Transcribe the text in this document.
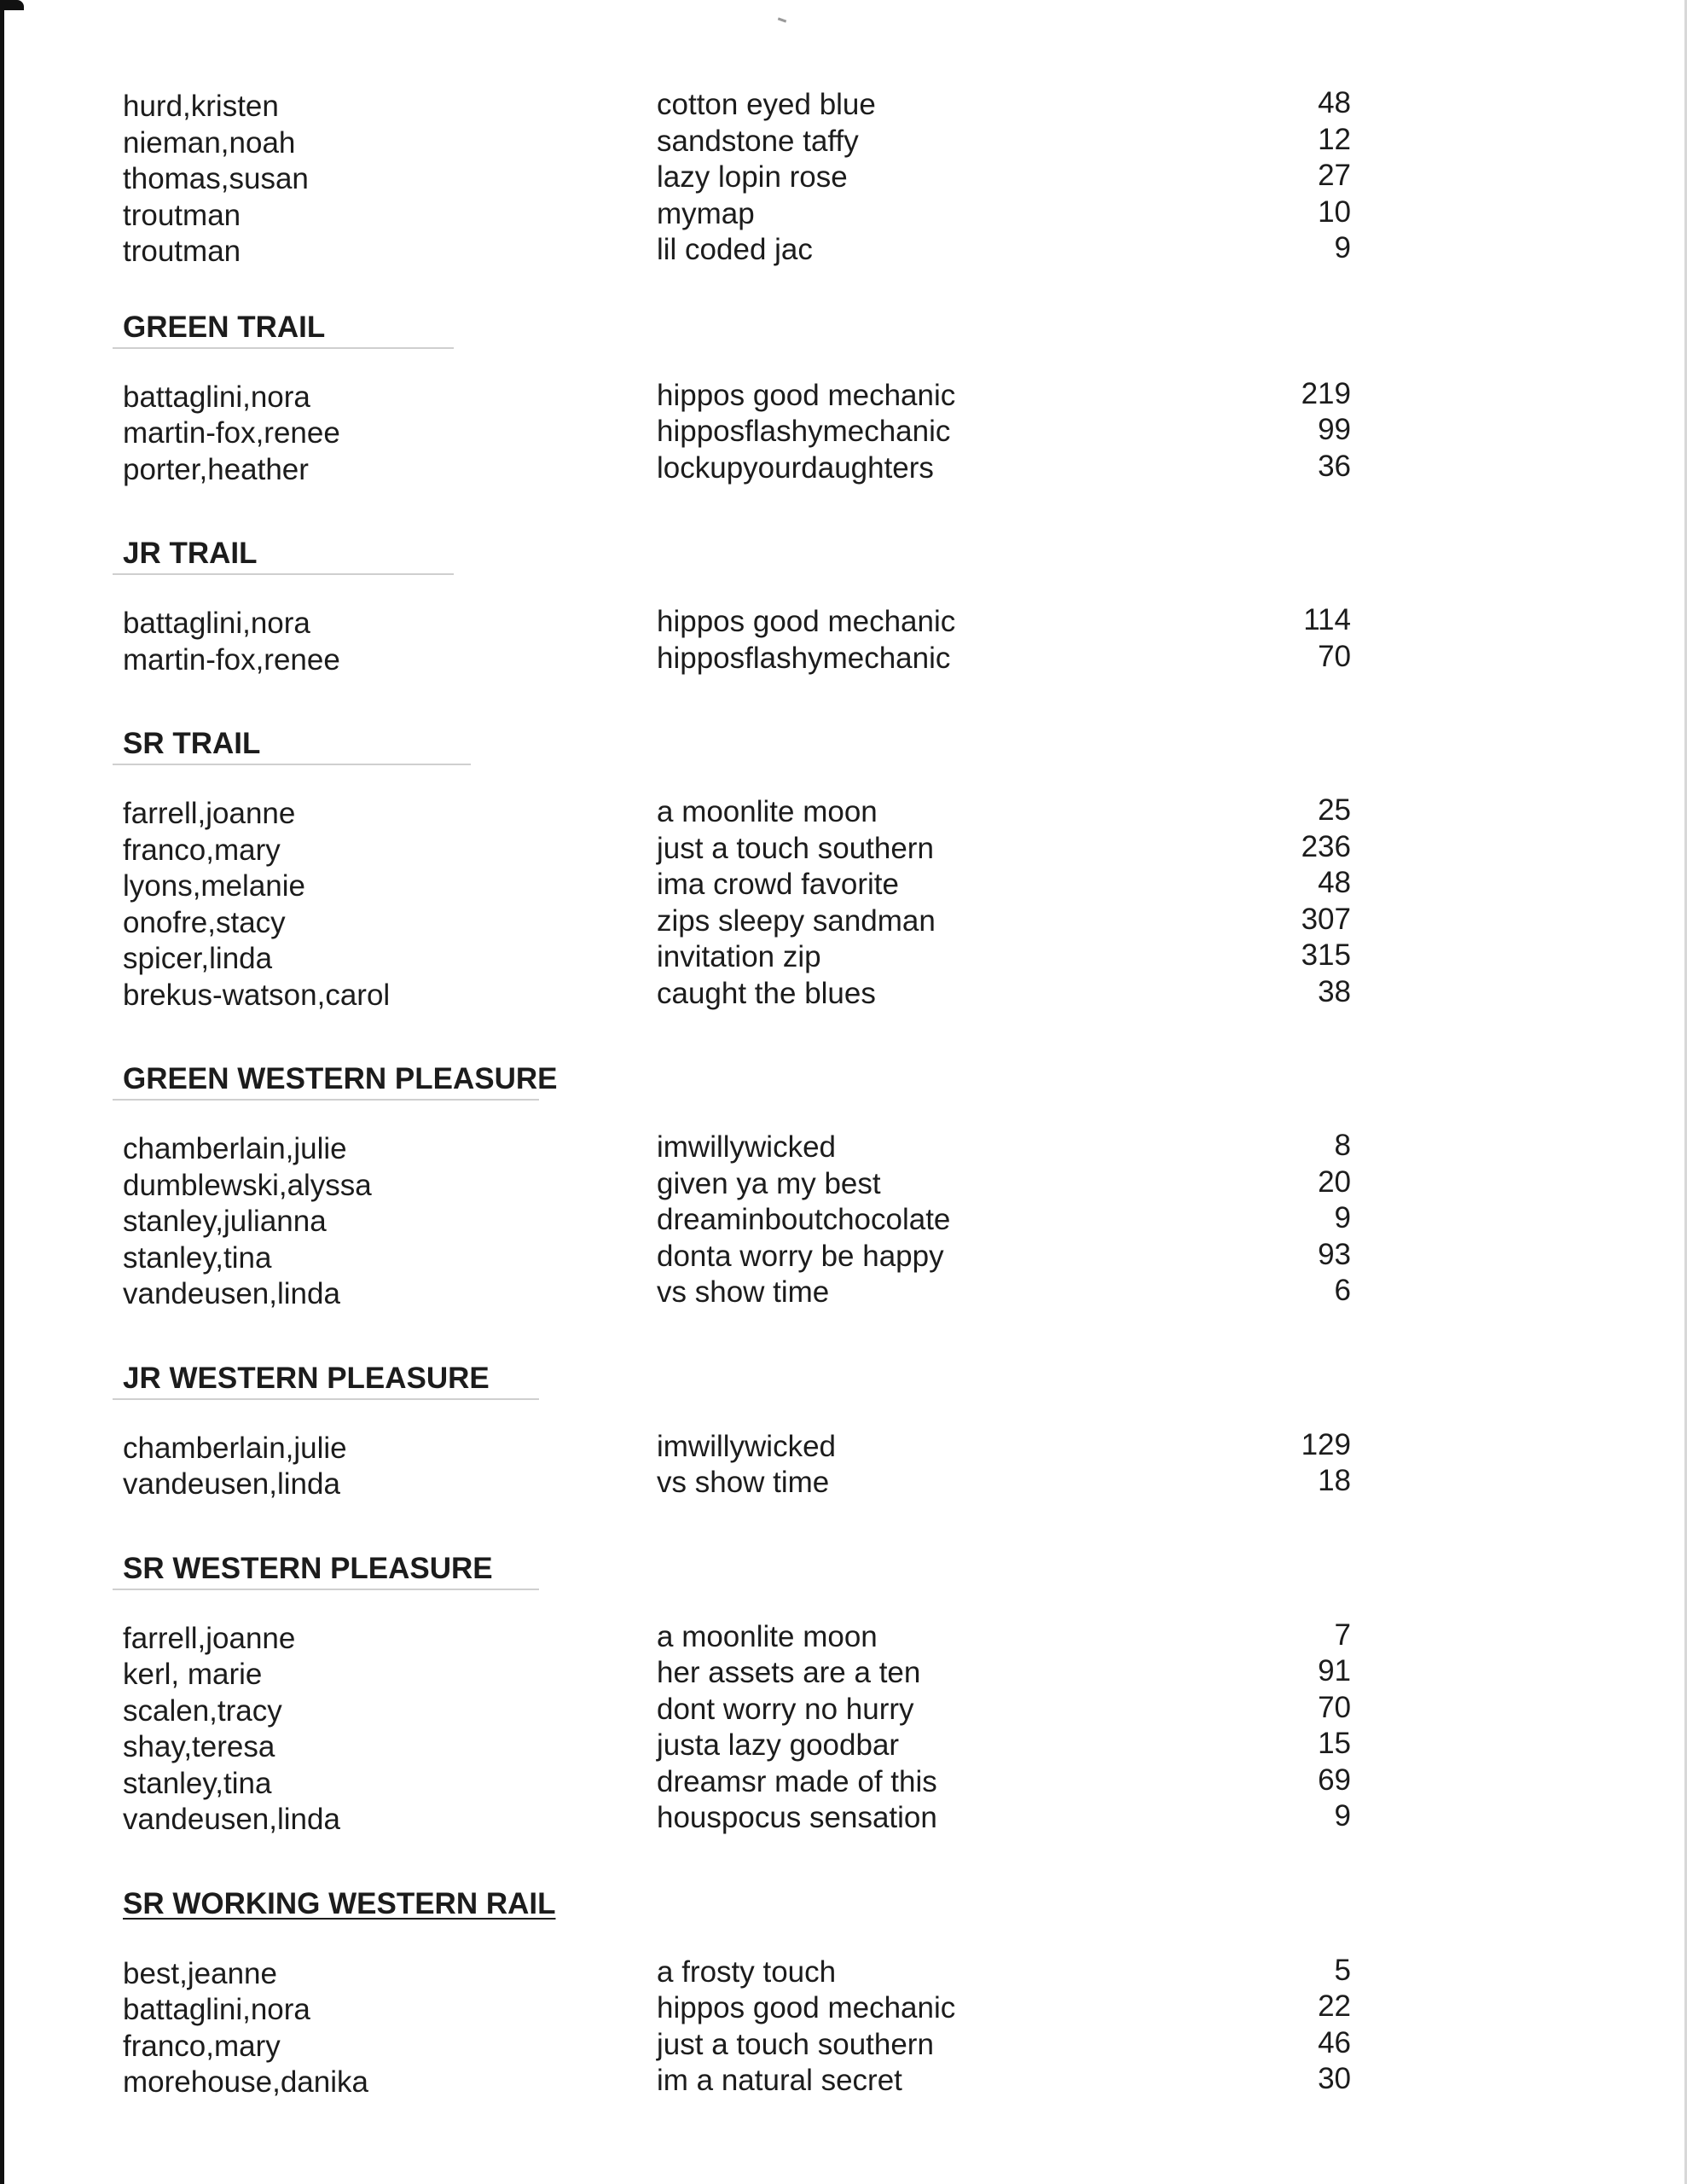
hurd,kristen	cotton eyed blue	48
nieman,noah	sandstone taffy	12
thomas,susan	lazy lopin rose	27
troutman	mymap	10
troutman	lil coded jac	9
GREEN TRAIL
battaglini,nora	hippos good mechanic	219
martin-fox,renee	hipposflashymechanic	99
porter,heather	lockupyourdaughters	36
JR TRAIL
battaglini,nora	hippos good mechanic	114
martin-fox,renee	hipposflashymechanic	70
SR TRAIL
farrell,joanne	a moonlite moon	25
franco,mary	just a touch southern	236
lyons,melanie	ima crowd favorite	48
onofre,stacy	zips sleepy sandman	307
spicer,linda	invitation zip	315
brekus-watson,carol	caught the blues	38
GREEN WESTERN PLEASURE
chamberlain,julie	imwillywicked	8
dumblewski,alyssa	given ya my best	20
stanley,julianna	dreaminboutchocolate	9
stanley,tina	donta worry be happy	93
vandeusen,linda	vs show time	6
JR WESTERN PLEASURE
chamberlain,julie	imwillywicked	129
vandeusen,linda	vs show time	18
SR WESTERN PLEASURE
farrell,joanne	a moonlite moon	7
kerl, marie	her assets are a ten	91
scalen,tracy	dont worry no hurry	70
shay,teresa	justa lazy goodbar	15
stanley,tina	dreamsr made of this	69
vandeusen,linda	houspocus sensation	9
SR WORKING WESTERN RAIL
best,jeanne	a frosty touch	5
battaglini,nora	hippos good mechanic	22
franco,mary	just a touch southern	46
morehouse,danika	im a natural secret	30
